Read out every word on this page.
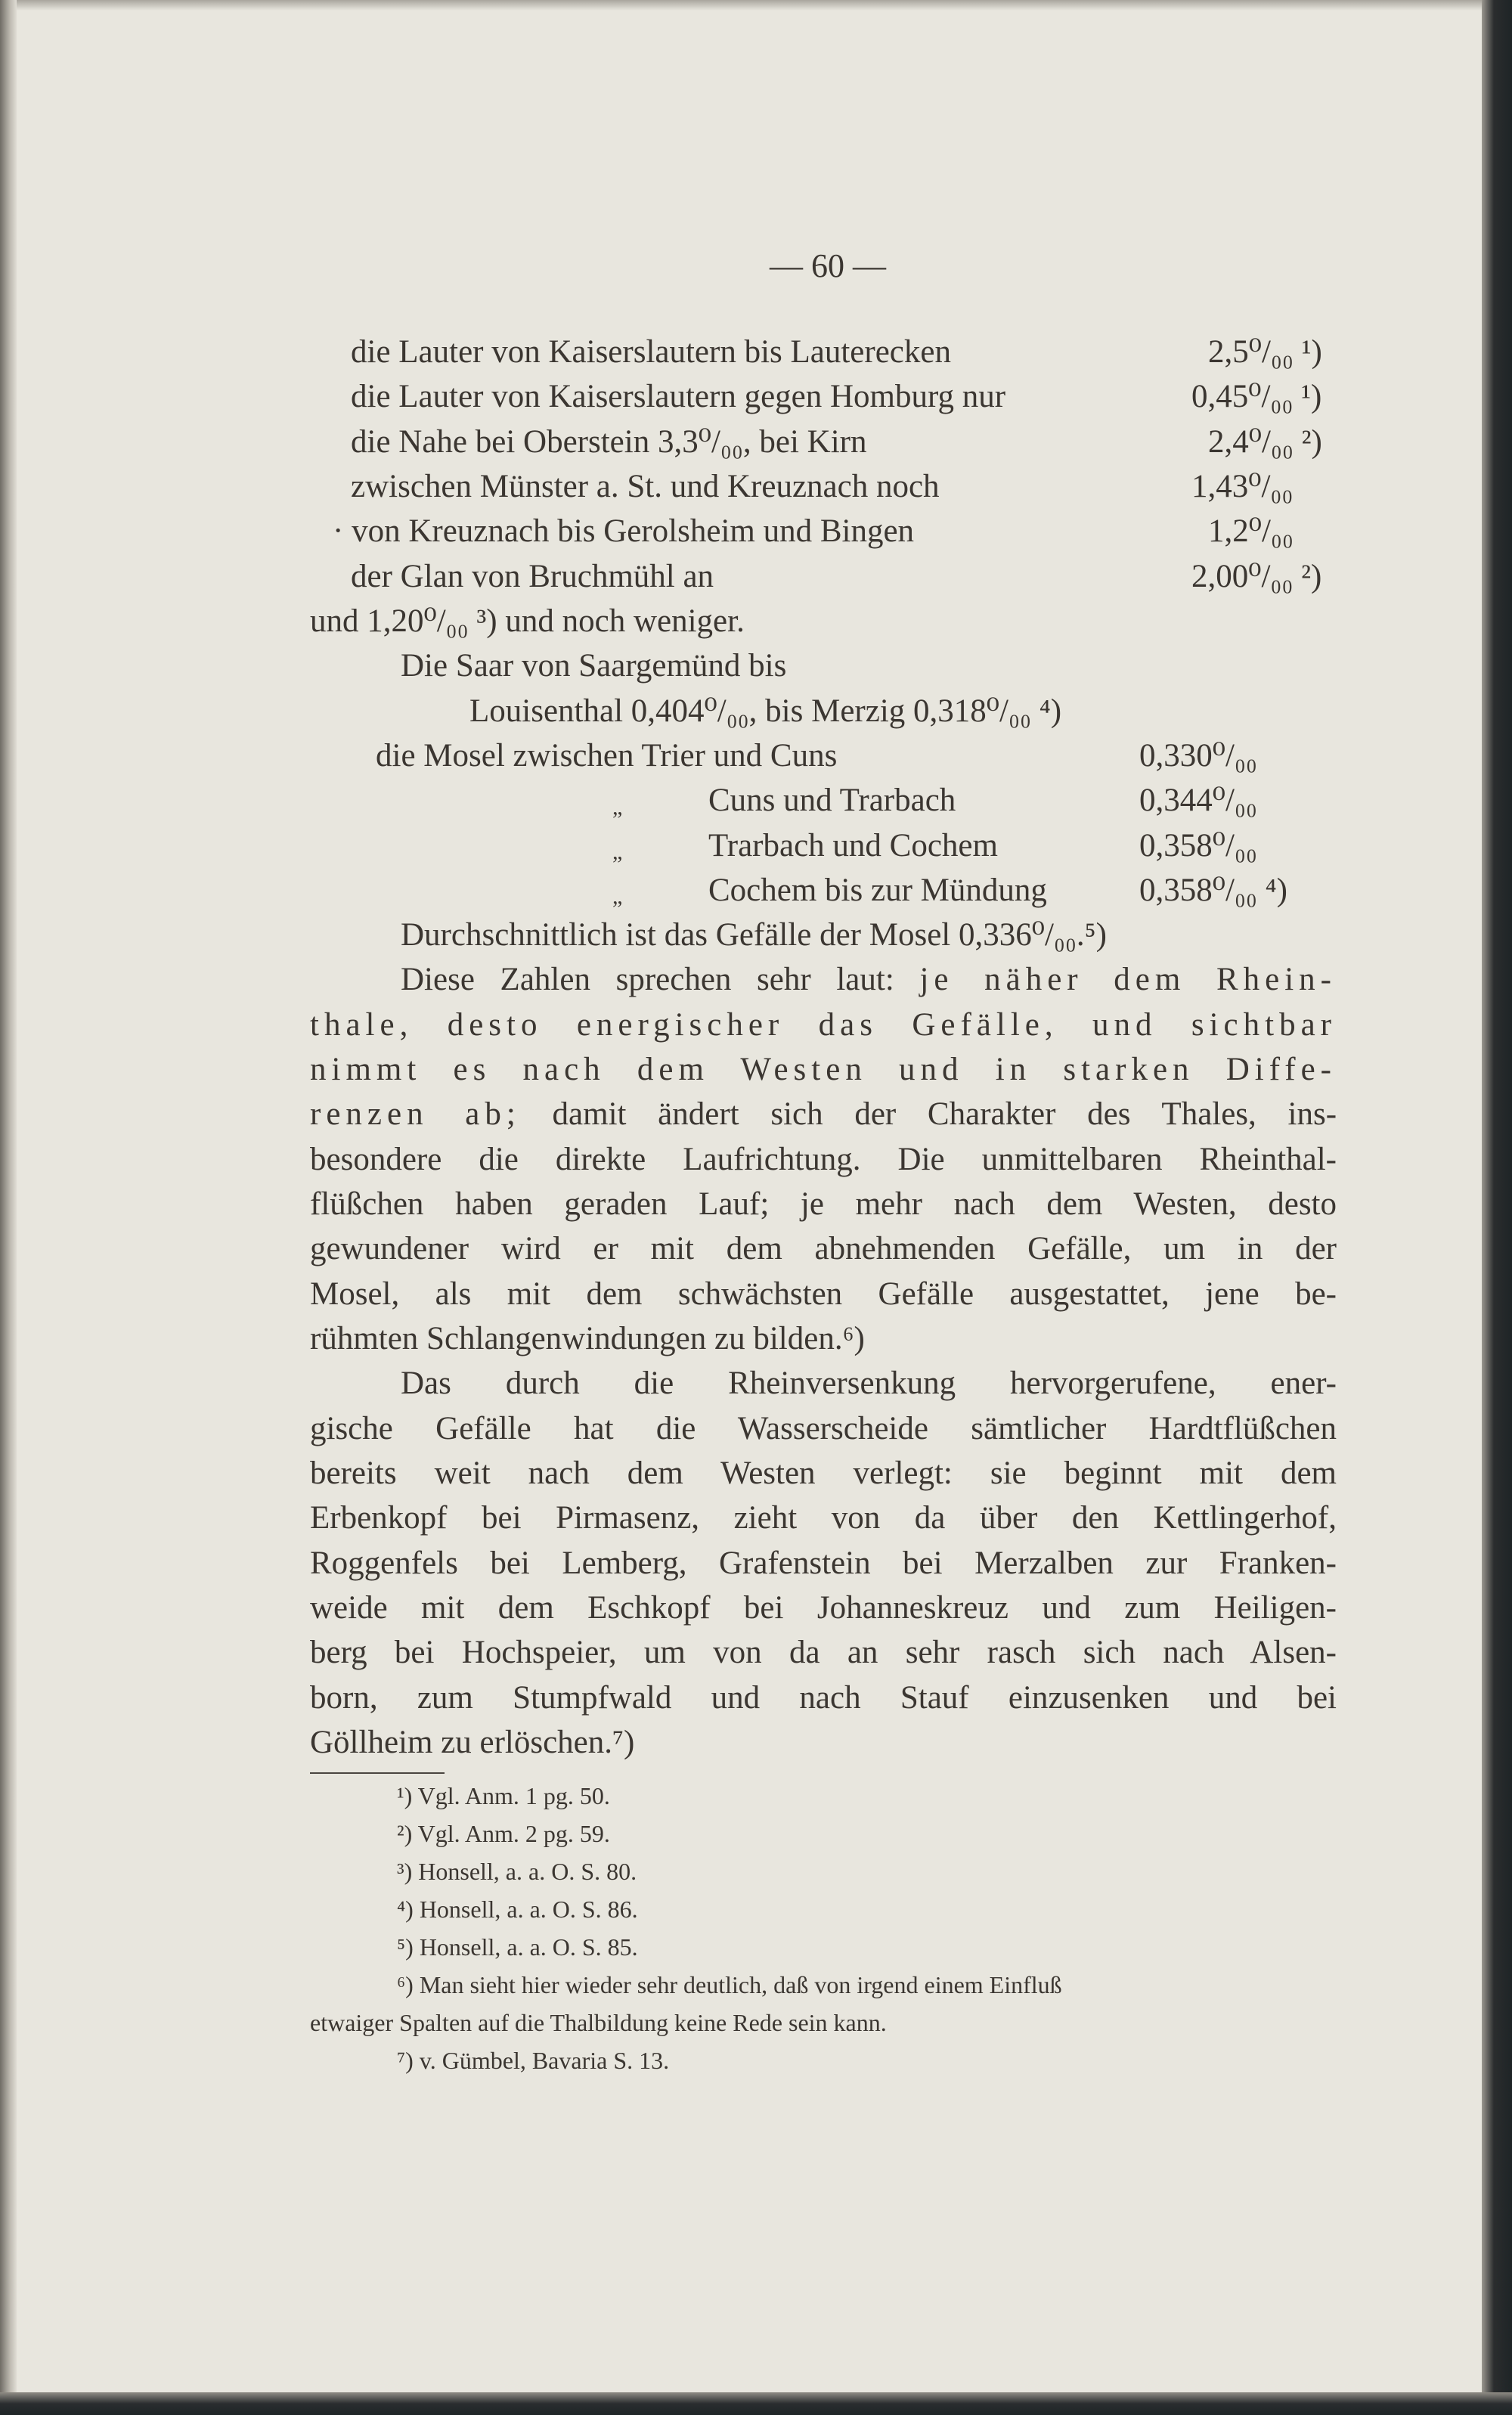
— 60 —
die Lauter von Kaiserslautern bis Lauterecken	2,5⁰/₀₀ ¹)
die Lauter von Kaiserslautern gegen Homburg nur	0,45⁰/₀₀ ¹)
die Nahe bei Oberstein 3,3⁰/₀₀, bei Kirn	2,4⁰/₀₀ ²)
zwischen Münster a. St. und Kreuznach noch	1,43⁰/₀₀
· von Kreuznach bis Gerolsheim und Bingen	1,2⁰/₀₀
der Glan von Bruchmühl an	2,00⁰/₀₀ ²)
und 1,20⁰/₀₀ ³) und noch weniger.
Die Saar von Saargemünd bis
Louisenthal 0,404⁰/₀₀, bis Merzig 0,318⁰/₀₀ ⁴)
die Mosel zwischen Trier und Cuns	0,330⁰/₀₀
„	Cuns und Trarbach	0,344⁰/₀₀
„	Trarbach und Cochem	0,358⁰/₀₀
„	Cochem bis zur Mündung	0,358⁰/₀₀ ⁴)
Durchschnittlich ist das Gefälle der Mosel 0,336⁰/₀₀.⁵)
Diese Zahlen sprechen sehr laut: je näher dem Rhein-
thale, desto energischer das Gefälle, und sichtbar
nimmt es nach dem Westen und in starken Diffe-
renzen ab; damit ändert sich der Charakter des Thales, ins-
besondere die direkte Laufrichtung. Die unmittelbaren Rheinthal-
flüßchen haben geraden Lauf; je mehr nach dem Westen, desto
gewundener wird er mit dem abnehmenden Gefälle, um in der
Mosel, als mit dem schwächsten Gefälle ausgestattet, jene be-
rühmten Schlangenwindungen zu bilden.⁶)
Das durch die Rheinversenkung hervorgerufene, ener-
gische Gefälle hat die Wasserscheide sämtlicher Hardtflüßchen
bereits weit nach dem Westen verlegt: sie beginnt mit dem
Erbenkopf bei Pirmasenz, zieht von da über den Kettlingerhof,
Roggenfels bei Lemberg, Grafenstein bei Merzalben zur Franken-
weide mit dem Eschkopf bei Johanneskreuz und zum Heiligen-
berg bei Hochspeier, um von da an sehr rasch sich nach Alsen-
born, zum Stumpfwald und nach Stauf einzusenken und bei
Göllheim zu erlöschen.⁷)
¹) Vgl. Anm. 1 pg. 50.
²) Vgl. Anm. 2 pg. 59.
³) Honsell, a. a. O. S. 80.
⁴) Honsell, a. a. O. S. 86.
⁵) Honsell, a. a. O. S. 85.
⁶) Man sieht hier wieder sehr deutlich, daß von irgend einem Einfluß
etwaiger Spalten auf die Thalbildung keine Rede sein kann.
⁷) v. Gümbel, Bavaria S. 13.
